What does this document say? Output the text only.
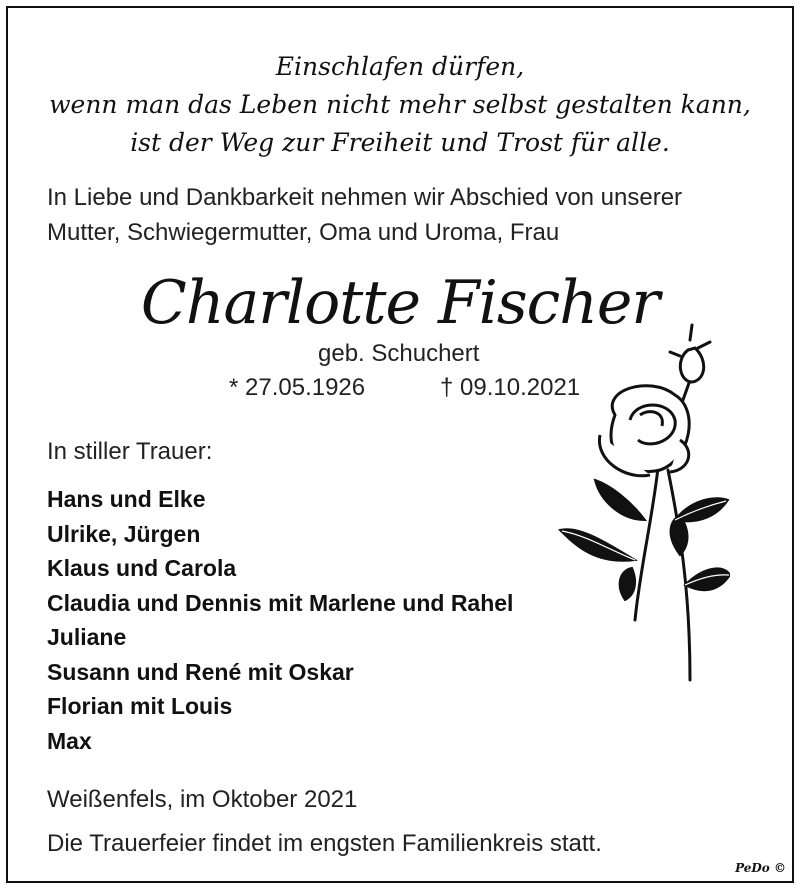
Einschlafen dürfen,
wenn man das Leben nicht mehr selbst gestalten kann,
ist der Weg zur Freiheit und Trost für alle.
In Liebe und Dankbarkeit nehmen wir Abschied von unserer
Mutter, Schwiegermutter, Oma und Uroma, Frau
Charlotte Fischer
geb. Schuchert
* 27.05.1926	† 09.10.2021
In stiller Trauer:
Hans und Elke
Ulrike, Jürgen
Klaus und Carola
Claudia und Dennis mit Marlene und Rahel
Juliane
Susann und René mit Oskar
Florian mit Louis
Max
Weißenfels, im Oktober 2021
Die Trauerfeier findet im engsten Familienkreis statt.
PeDo ©
